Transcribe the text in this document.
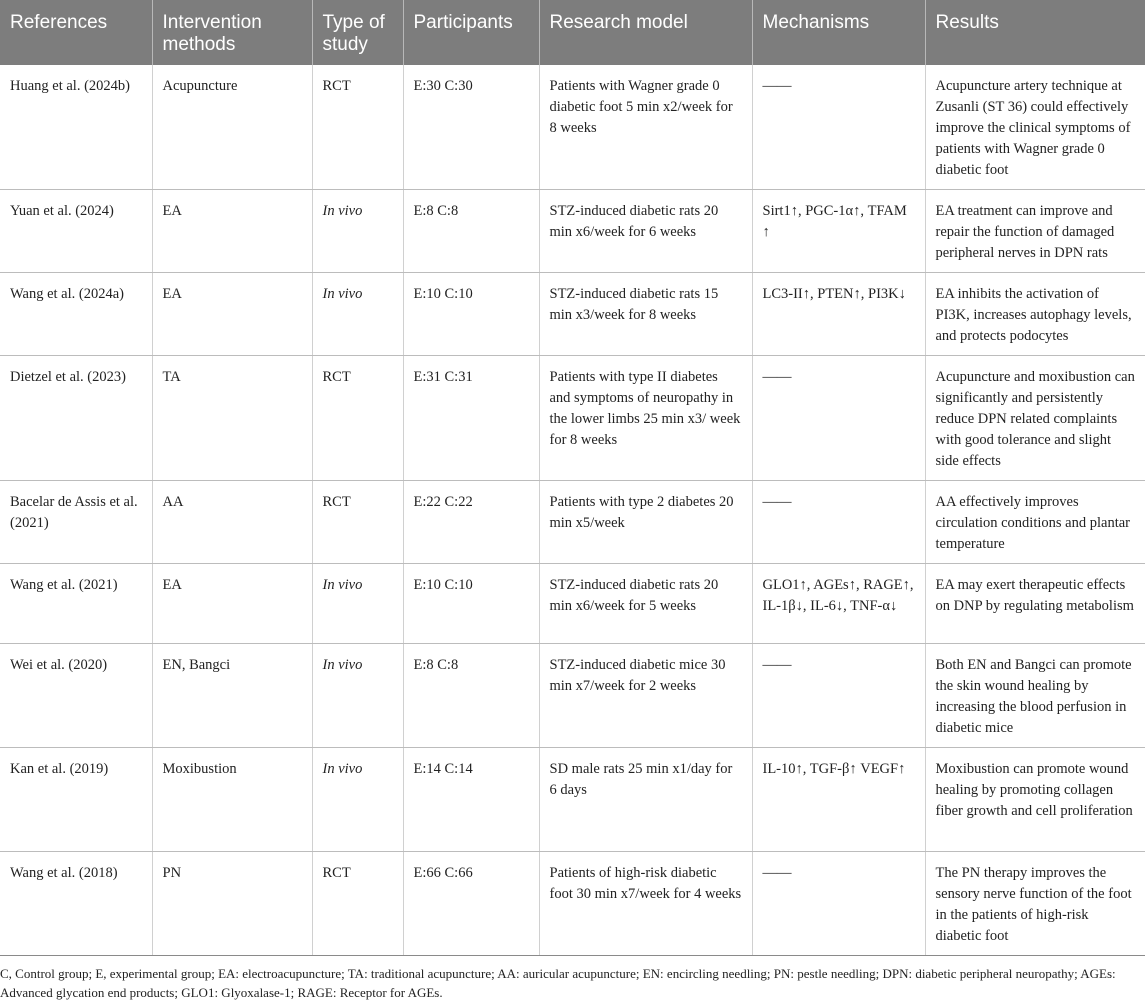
References	Intervention methods	Type of study	Participants	Research model	Mechanisms	Results
Huang et al. (2024b)	Acupuncture	RCT	E:30 C:30	Patients with Wagner grade 0 diabetic foot 5 min x2/week for 8 weeks	——	Acupuncture artery technique at Zusanli (ST 36) could effectively improve the clinical symptoms of patients with Wagner grade 0 diabetic foot
Yuan et al. (2024)	EA	In vivo	E:8 C:8	STZ-induced diabetic rats 20 min x6/week for 6 weeks	Sirt1↑, PGC-1α↑, TFAM ↑	EA treatment can improve and repair the function of damaged peripheral nerves in DPN rats
Wang et al. (2024a)	EA	In vivo	E:10 C:10	STZ-induced diabetic rats 15 min x3/week for 8 weeks	LC3-II↑, PTEN↑, PI3K↓	EA inhibits the activation of PI3K, increases autophagy levels, and protects podocytes
Dietzel et al. (2023)	TA	RCT	E:31 C:31	Patients with type II diabetes and symptoms of neuropathy in the lower limbs 25 min x3/ week for 8 weeks	——	Acupuncture and moxibustion can significantly and persistently reduce DPN related complaints with good tolerance and slight side effects
Bacelar de Assis et al. (2021)	AA	RCT	E:22 C:22	Patients with type 2 diabetes 20 min x5/week	——	AA effectively improves circulation conditions and plantar temperature
Wang et al. (2021)	EA	In vivo	E:10 C:10	STZ-induced diabetic rats 20 min x6/week for 5 weeks	GLO1↑, AGEs↑, RAGE↑, IL-1β↓, IL-6↓, TNF-α↓	EA may exert therapeutic effects on DNP by regulating metabolism
Wei et al. (2020)	EN, Bangci	In vivo	E:8 C:8	STZ-induced diabetic mice 30 min x7/week for 2 weeks	——	Both EN and Bangci can promote the skin wound healing by increasing the blood perfusion in diabetic mice
Kan et al. (2019)	Moxibustion	In vivo	E:14 C:14	SD male rats 25 min x1/day for 6 days	IL-10↑, TGF-β↑ VEGF↑	Moxibustion can promote wound healing by promoting collagen fiber growth and cell proliferation
Wang et al. (2018)	PN	RCT	E:66 C:66	Patients of high-risk diabetic foot 30 min x7/week for 4 weeks	——	The PN therapy improves the sensory nerve function of the foot in the patients of high-risk diabetic foot
C, Control group; E, experimental group; EA: electroacupuncture; TA: traditional acupuncture; AA: auricular acupuncture; EN: encircling needling; PN: pestle needling; DPN: diabetic peripheral neuropathy; AGEs: Advanced glycation end products; GLO1: Glyoxalase-1; RAGE: Receptor for AGEs.
